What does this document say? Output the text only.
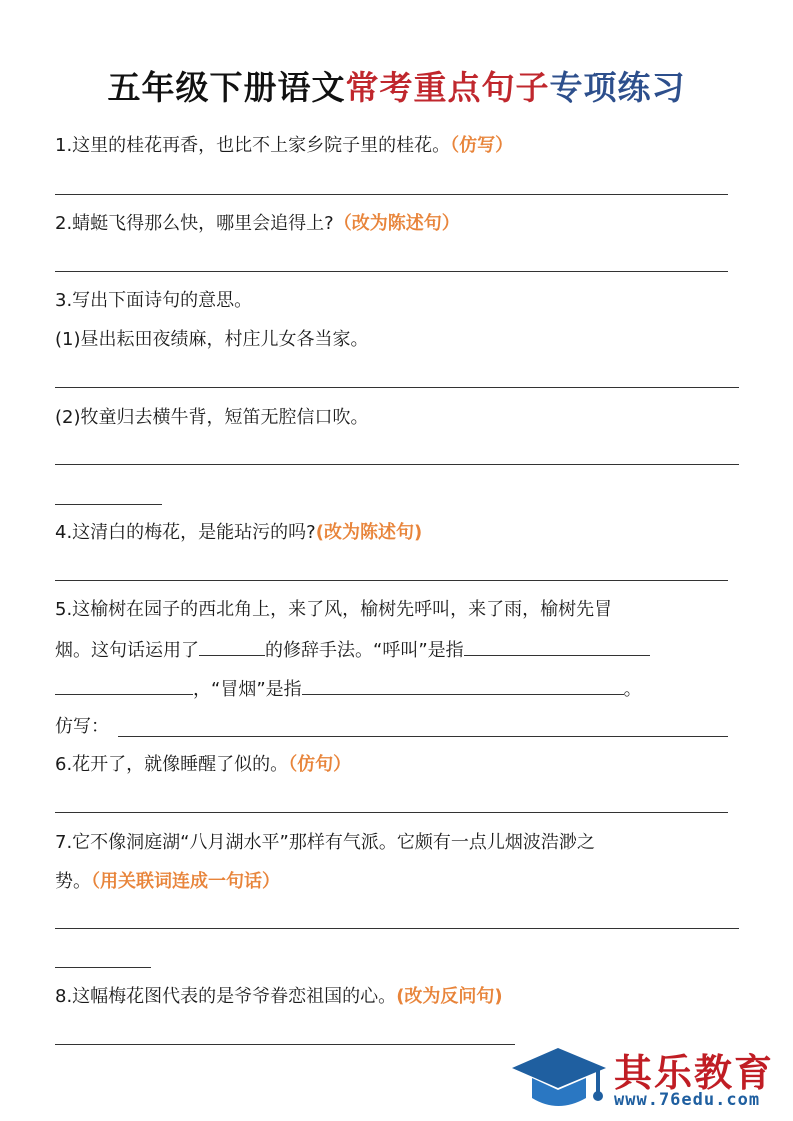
五年级下册语文常考重点句子专项练习
1.这里的桂花再香，也比不上家乡院子里的桂花。（仿写）
2.蜻蜓飞得那么快，哪里会追得上?（改为陈述句）
3.写出下面诗句的意思。
(1)昼出耘田夜绩麻，村庄儿女各当家。
(2)牧童归去横牛背，短笛无腔信口吹。
4.这清白的梅花，是能玷污的吗?(改为陈述句)
5.这榆树在园子的西北角上，来了风，榆树先呼叫，来了雨，榆树先冒
烟。这句话运用了	的修辞手法。“呼叫”是指
，“冒烟”是指	。
仿写：
6.花开了，就像睡醒了似的。（仿句）
7.它不像洞庭湖“八月湖水平”那样有气派。它颇有一点儿烟波浩渺之
势。（用关联词连成一句话）
8.这幅梅花图代表的是爷爷眷恋祖国的心。(改为反问句)
其乐教育
www.76edu.com
